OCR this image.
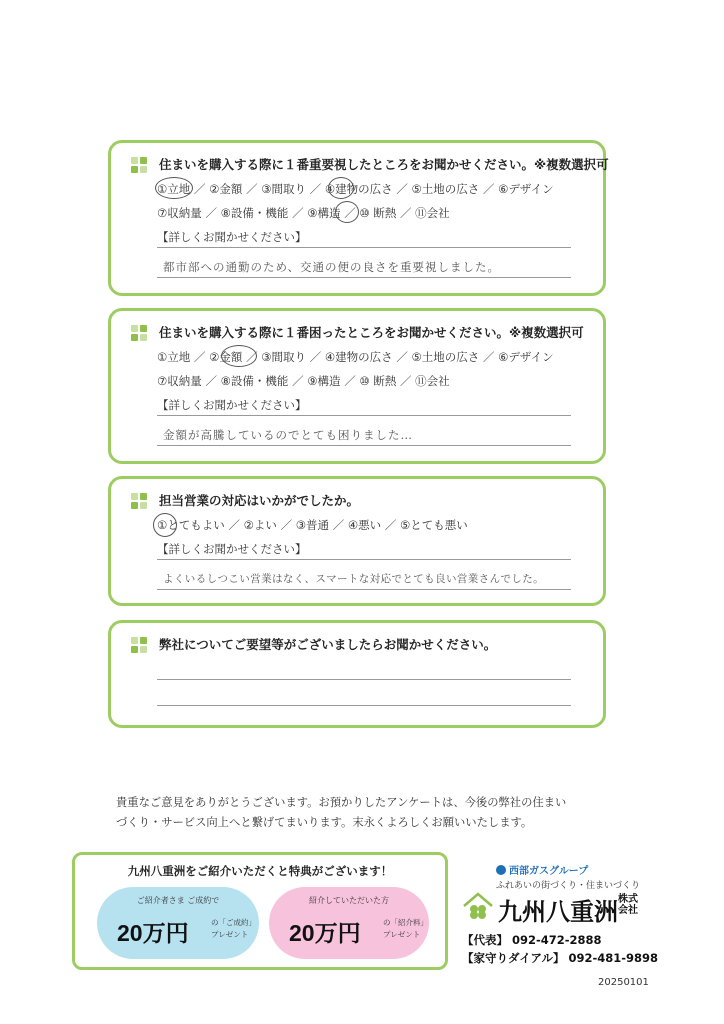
住まいを購入する際に１番重要視したところをお聞かせください。※複数選択可
①立地 ／ ②金額 ／ ③間取り ／ ④建物の広さ ／ ⑤土地の広さ ／ ⑥デザイン
⑦収納量 ／ ⑧設備・機能 ／ ⑨構造 ／ ⑩ 断熱 ／ ⑪会社
【詳しくお聞かせください】
都市部への通勤のため、交通の便の良さを重要視しました。
住まいを購入する際に１番困ったところをお聞かせください。※複数選択可
①立地 ／ ②金額 ／ ③間取り ／ ④建物の広さ ／ ⑤土地の広さ ／ ⑥デザイン
⑦収納量 ／ ⑧設備・機能 ／ ⑨構造 ／ ⑩ 断熱 ／ ⑪会社
【詳しくお聞かせください】
金額が高騰しているのでとても困りました…
担当営業の対応はいかがでしたか。
①とてもよい ／ ②よい ／ ③普通 ／ ④悪い ／ ⑤とても悪い
【詳しくお聞かせください】
よくいるしつこい営業はなく、スマートな対応でとても良い営業さんでした。
弊社についてご要望等がございましたらお聞かせください。
貴重なご意見をありがとうございます。お預かりしたアンケートは、今後の弊社の住まい
づくり・サービス向上へと繋げてまいります。末永くよろしくお願いいたします。
九州八重洲をご紹介いただくと特典がございます！
ご紹介者さま ご成約で
20万円	の「ご成約」プレゼント
紹介していただいた方
20万円	の「紹介料」プレゼント
西部ガスグループ
ふれあいの街づくり・住まいづくり
九州八重洲 株式会社
【代表】 092-472-2888
【家守りダイアル】 092-481-9898
20250101
